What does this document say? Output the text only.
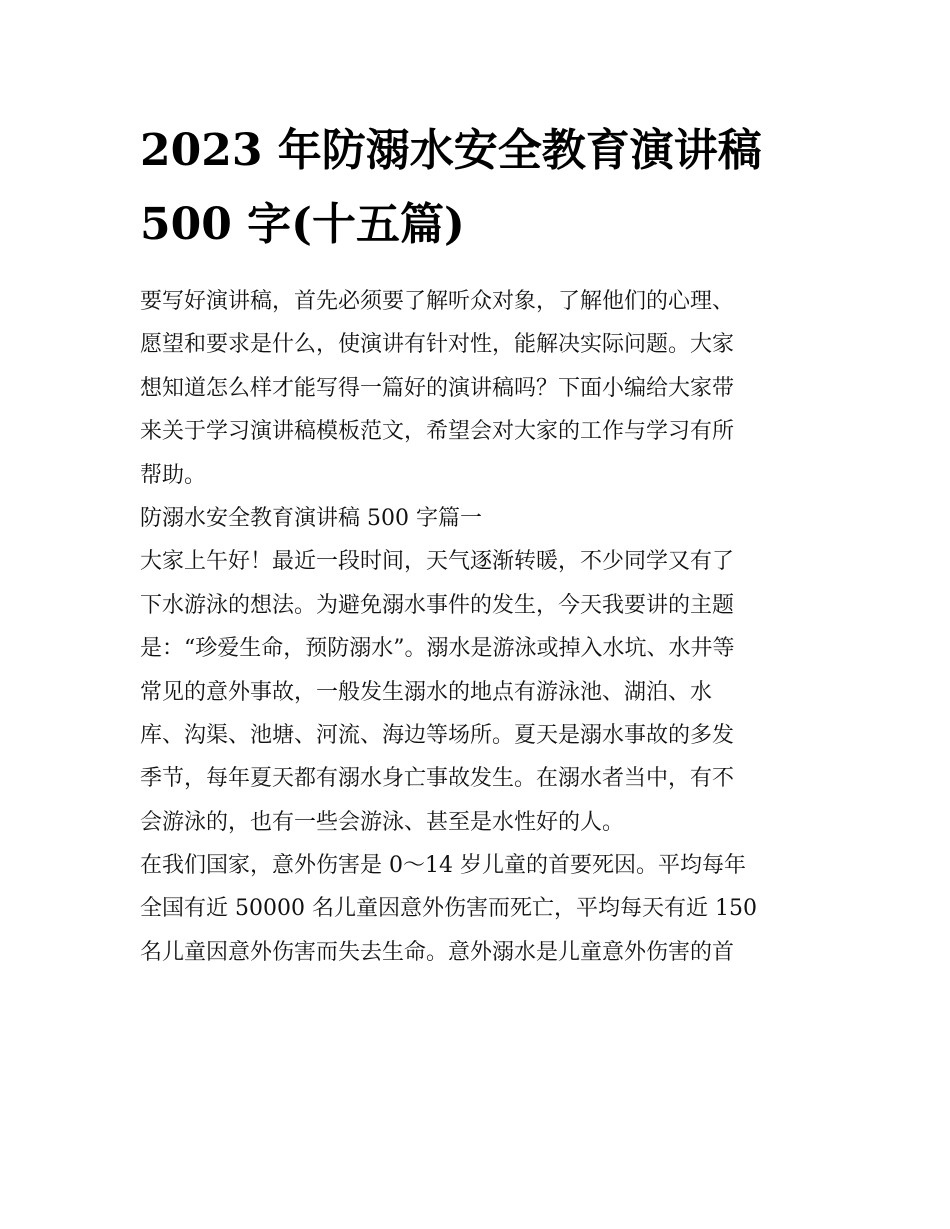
2023 年防溺水安全教育演讲稿
500 字(十五篇)
要写好演讲稿，首先必须要了解听众对象，了解他们的心理、
愿望和要求是什么，使演讲有针对性，能解决实际问题。大家
想知道怎么样才能写得一篇好的演讲稿吗？下面小编给大家带
来关于学习演讲稿模板范文，希望会对大家的工作与学习有所
帮助。
防溺水安全教育演讲稿 500 字篇一
大家上午好！最近一段时间，天气逐渐转暖，不少同学又有了
下水游泳的想法。为避免溺水事件的发生，今天我要讲的主题
是：“珍爱生命，预防溺水”。溺水是游泳或掉入水坑、水井等
常见的意外事故，一般发生溺水的地点有游泳池、湖泊、水
库、沟渠、池塘、河流、海边等场所。夏天是溺水事故的多发
季节，每年夏天都有溺水身亡事故发生。在溺水者当中，有不
会游泳的，也有一些会游泳、甚至是水性好的人。
在我们国家，意外伤害是 0～14 岁儿童的首要死因。平均每年
全国有近 50000 名儿童因意外伤害而死亡，平均每天有近 150
名儿童因意外伤害而失去生命。意外溺水是儿童意外伤害的首
